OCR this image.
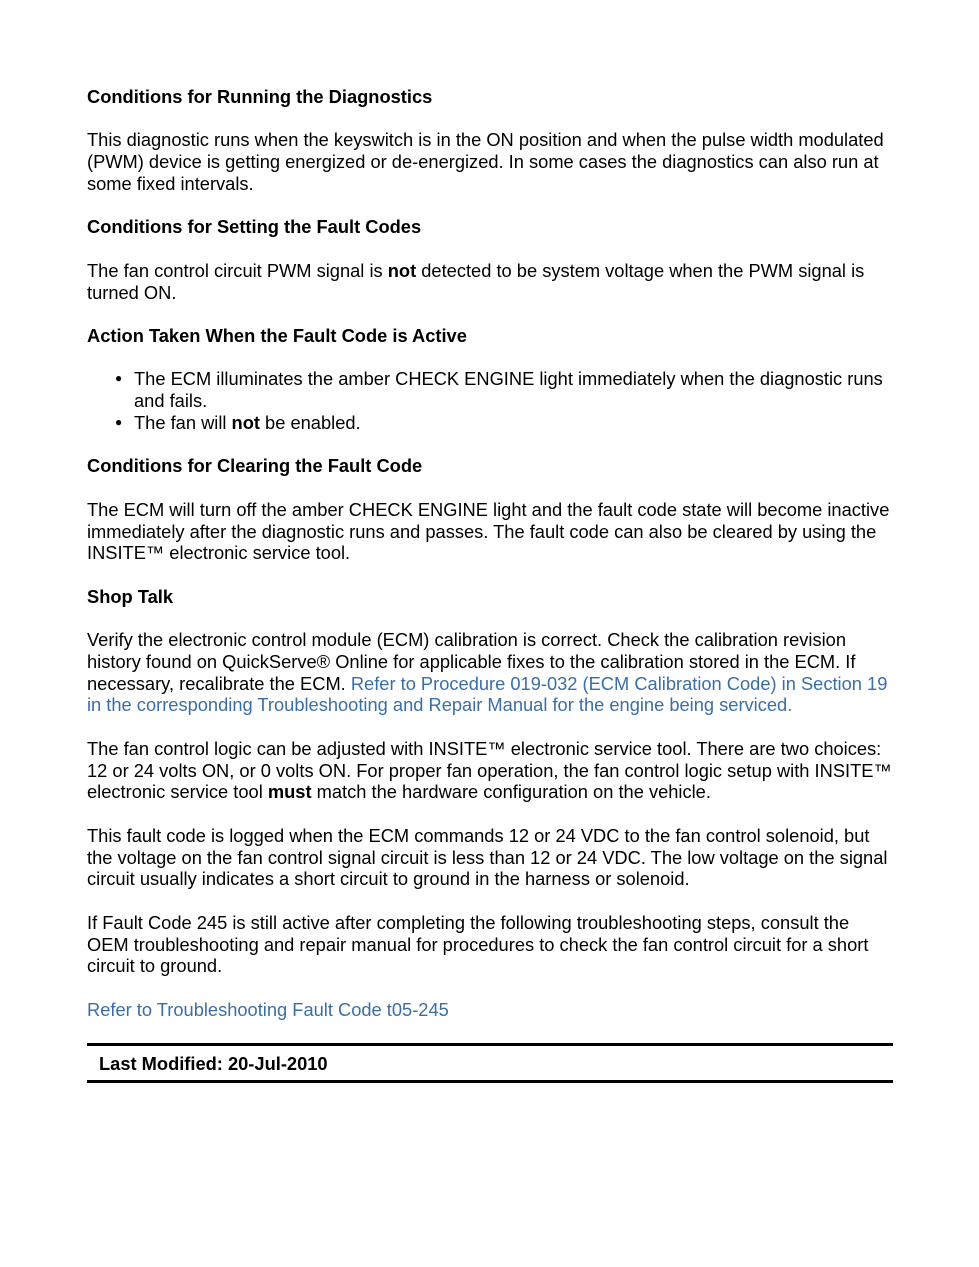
Conditions for Running the Diagnostics

This diagnostic runs when the keyswitch is in the ON position and when the pulse width modulated (PWM) device is getting energized or de-energized. In some cases the diagnostics can also run at some fixed intervals.

Conditions for Setting the Fault Codes

The fan control circuit PWM signal is not detected to be system voltage when the PWM signal is turned ON.

Action Taken When the Fault Code is Active

● The ECM illuminates the amber CHECK ENGINE light immediately when the diagnostic runs and fails.
● The fan will not be enabled.

Conditions for Clearing the Fault Code

The ECM will turn off the amber CHECK ENGINE light and the fault code state will become inactive immediately after the diagnostic runs and passes. The fault code can also be cleared by using the INSITE™ electronic service tool.

Shop Talk

Verify the electronic control module (ECM) calibration is correct. Check the calibration revision history found on QuickServe® Online for applicable fixes to the calibration stored in the ECM. If necessary, recalibrate the ECM. Refer to Procedure 019-032 (ECM Calibration Code) in Section 19 in the corresponding Troubleshooting and Repair Manual for the engine being serviced.

The fan control logic can be adjusted with INSITE™ electronic service tool. There are two choices: 12 or 24 volts ON, or 0 volts ON. For proper fan operation, the fan control logic setup with INSITE™ electronic service tool must match the hardware configuration on the vehicle.

This fault code is logged when the ECM commands 12 or 24 VDC to the fan control solenoid, but the voltage on the fan control signal circuit is less than 12 or 24 VDC. The low voltage on the signal circuit usually indicates a short circuit to ground in the harness or solenoid.

If Fault Code 245 is still active after completing the following troubleshooting steps, consult the OEM troubleshooting and repair manual for procedures to check the fan control circuit for a short circuit to ground.

Refer to Troubleshooting Fault Code t05-245

Last Modified: 20-Jul-2010
